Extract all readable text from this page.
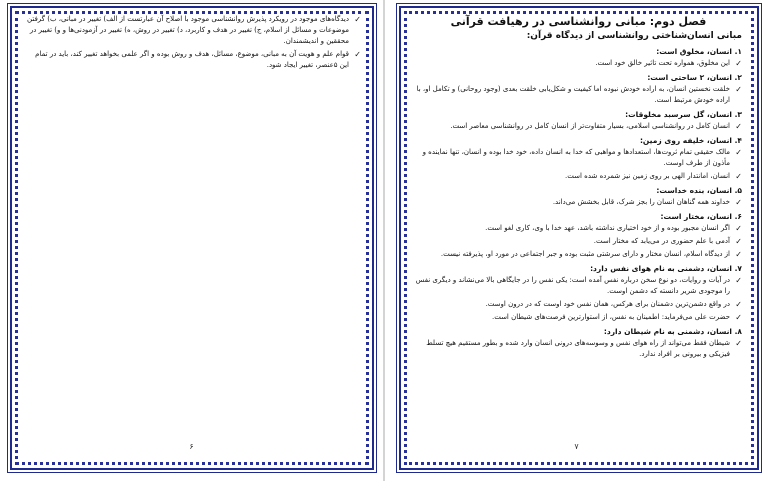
✓
دیدگاه‌های موجود در رویکرد پذیرش روانشناسی موجود با اصلاح آن عبارتست از الف) تغییر در مبانی، ب) گرفتن موضوعات و مسائل از اسلام، ج) تغییر در هدف و کاربرد، د) تغییر در روش، ه) تغییر در آزمودنی‌ها و و) تغییر در محققین و اندیشمندان.
✓
قوام علم و هویت آن به مبانی، موضوع، مسائل، هدف و روش بوده و اگر علمی بخواهد تغییر کند، باید در تمام این ۵عنصر، تغییر ایجاد شود.
۶
فصل دوم: مبانی روانشناسی در رهیافت قرآنی
مبانی انسان‌شناختی روانشناسی از دیدگاه قرآن:
۱. انسان، مخلوق است:
✓
این مخلوق، همواره تحت تاثیر خالق خود است.
۲. انسان، ۲ ساحتی است:
✓
خلقت نخستین انسان، به اراده خودش نبوده اما کیفیت و شکل‌یابی خلقت بعدی (وجود روحانی) و تکامل او، با اراده خودش مرتبط است.
۳. انسان، گل سرسبد مخلوقات:
✓
انسان کامل در روانشناسی اسلامی، بسیار متفاوت‌تر از انسان کامل در روانشناسی معاصر است.
۴. انسان، خلیفه روی زمین:
✓
مالک حقیقی تمام ثروت‌ها، استعدادها و مواهبی که خدا به انسان داده، خود خدا بوده و انسان، تنها نماینده و مأذون از طرف اوست.
✓
انسان، امانتدار الهی بر روی زمین نیز شمرده شده است.
۵. انسان، بنده خداست:
✓
خداوند همه گناهان انسان را بجز شرک، قابل بخشش می‌داند.
۶. انسان، مختار است:
✓
اگر انسان مجبور بوده و از خود اختیاری نداشته باشد، عهد خدا با وی، کاری لغو است.
✓
آدمی با علم حضوری در می‌یابد که مختار است.
✓
از دیدگاه اسلام، انسان مختار و دارای سرشتی مثبت بوده و جبر اجتماعی در مورد او، پذیرفته نیست.
۷. انسان، دشمنی به نام هوای نفس دارد:
✓
در آیات و روایات، دو نوع سخن درباره نفس آمده است: یکی نفس را در جایگاهی بالا می‌نشاند و دیگری نفس را موجودی شریر دانسته که دشمن اوست.
✓
در واقع دشمن‌ترین دشمنان برای هرکس، همان نفس خود اوست که در درون اوست.
✓
حضرت علی می‌فرماید: اطمینان به نفس، از استوارترین فرصت‌های شیطان است.
۸. انسان، دشمنی به نام شیطان دارد:
✓
شیطان فقط می‌تواند از راه هوای نفس و وسوسه‌های درونی انسان وارد شده و بطور مستقیم هیچ تسلط فیزیکی و بیرونی بر افراد ندارد.
۷
